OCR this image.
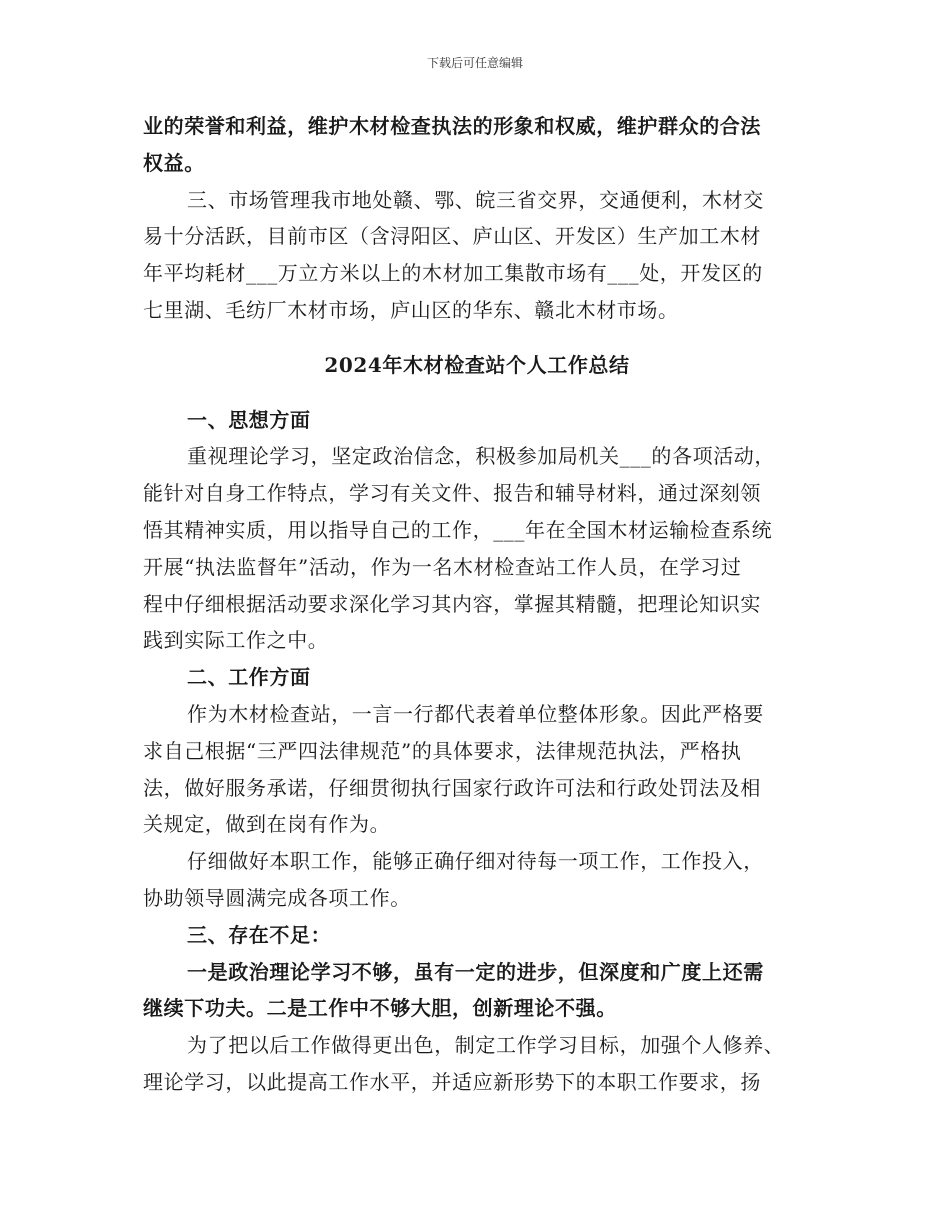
下载后可任意编辑
业的荣誉和利益，维护木材检查执法的形象和权威，维护群众的合法
权益。
三、市场管理我市地处赣、鄂、皖三省交界，交通便利，木材交
易十分活跃，目前市区（含浔阳区、庐山区、开发区）生产加工木材
年平均耗材___万立方米以上的木材加工集散市场有___处，开发区的
七里湖、毛纺厂木材市场，庐山区的华东、赣北木材市场。
2024年木材检查站个人工作总结
一、思想方面
重视理论学习，坚定政治信念，积极参加局机关___的各项活动，
能针对自身工作特点，学习有关文件、报告和辅导材料，通过深刻领
悟其精神实质，用以指导自己的工作，___年在全国木材运输检查系统
开展“执法监督年”活动，作为一名木材检查站工作人员，在学习过
程中仔细根据活动要求深化学习其内容，掌握其精髓，把理论知识实
践到实际工作之中。
二、工作方面
作为木材检查站，一言一行都代表着单位整体形象。因此严格要
求自己根据“三严四法律规范”的具体要求，法律规范执法，严格执
法，做好服务承诺，仔细贯彻执行国家行政许可法和行政处罚法及相
关规定，做到在岗有作为。
仔细做好本职工作，能够正确仔细对待每一项工作，工作投入，
协助领导圆满完成各项工作。
三、存在不足：
一是政治理论学习不够，虽有一定的进步，但深度和广度上还需
继续下功夫。二是工作中不够大胆，创新理论不强。
为了把以后工作做得更出色，制定工作学习目标，加强个人修养、
理论学习，以此提高工作水平，并适应新形势下的本职工作要求，扬
